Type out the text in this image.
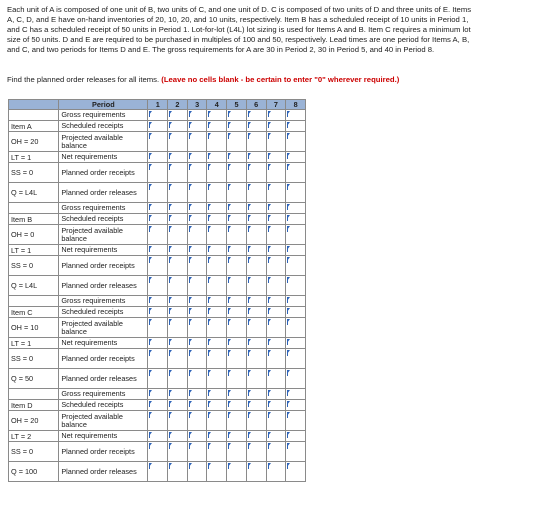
Each unit of A is composed of one unit of B, two units of C, and one unit of D. C is composed of two units of D and three units of E. Items A, C, D, and E have on-hand inventories of 20, 10, 20, and 10 units, respectively. Item B has a scheduled receipt of 10 units in Period 1, and C has a scheduled receipt of 50 units in Period 1. Lot-for-lot (L4L) lot sizing is used for Items A and B. Item C requires a minimum lot size of 50 units. D and E are required to be purchased in multiples of 100 and 50, respectively. Lead times are one period for Items A, B, and C, and two periods for Items D and E. The gross requirements for A are 30 in Period 2, 30 in Period 5, and 40 in Period 8.

Find the planned order releases for all items. (Leave no cells blank - be certain to enter "0" wherever required.)

	Period	1	2	3	4	5	6	7	8
	Gross requirements	

Item A	Scheduled receipts	

OH = 20	Projected available balance	

LT = 1	Net requirements	

SS = 0	Planned order receipts	

Q = L4L	Planned order releases	

	Gross requirements	

Item B	Scheduled receipts	

OH = 0	Projected available balance	

LT = 1	Net requirements	

SS = 0	Planned order receipts	

Q = L4L	Planned order releases	

	Gross requirements	

Item C	Scheduled receipts	

OH = 10	Projected available balance	

LT = 1	Net requirements	

SS = 0	Planned order receipts	

Q = 50	Planned order releases	

	Gross requirements	

Item D	Scheduled receipts	

OH = 20	Projected available balance	

LT = 2	Net requirements	

SS = 0	Planned order receipts	

Q = 100	Planned order releases	
